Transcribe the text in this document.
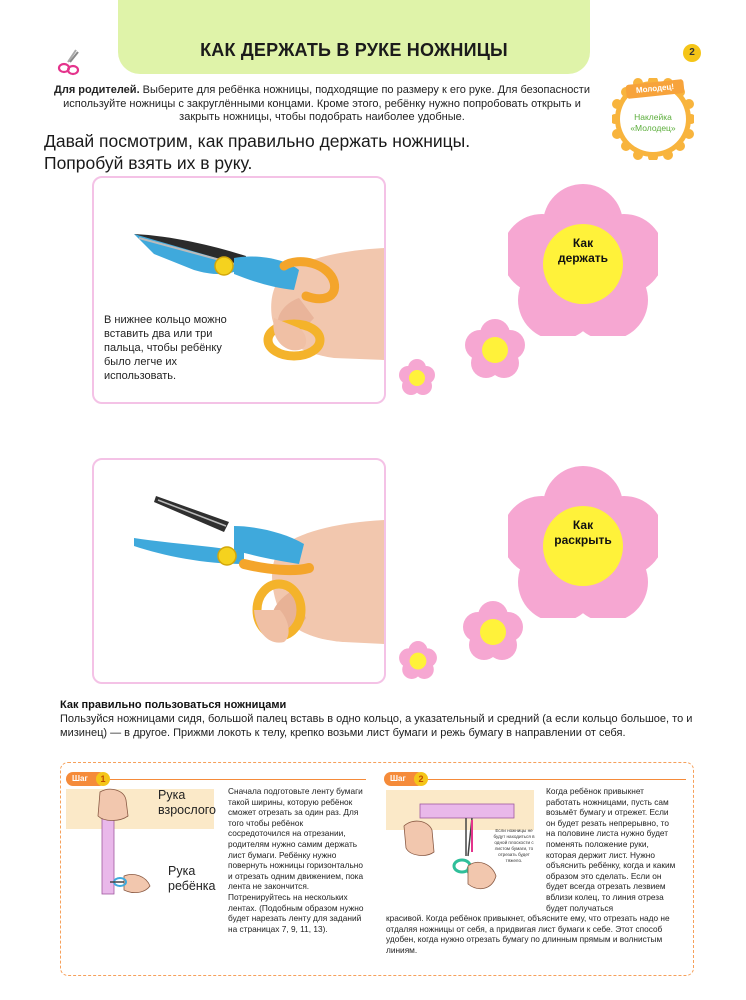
КАК ДЕРЖАТЬ В РУКЕ НОЖНИЦЫ	2
Для родителей. Выберите для ребёнка ножницы, подходящие по размеру к его руке. Для безопасности используйте ножницы с закруглёнными концами. Кроме этого, ребёнку нужно попробовать открыть и закрыть ножницы, чтобы подобрать наиболее удобные.
Молодец!
Наклейка
«Молодец»
Давай посмотрим, как правильно держать ножницы.
Попробуй взять их в руку.
В нижнее кольцо можно вставить два или три пальца, чтобы ребёнку было легче их использовать.
Как
держать
Как
раскрыть
Как правильно пользоваться ножницами
Пользуйся ножницами сидя, большой палец вставь в одно кольцо, а указательный и средний (а если кольцо большое, то и мизинец) — в другое. Прижми локоть к телу, крепко возьми лист бумаги и режь бумагу в направлении от себя.
Шаг	1
Рука
взрослого
Рука
ребёнка
Сначала подготовьте ленту бумаги такой ширины, которую ребёнок сможет отрезать за один раз. Для того чтобы ребёнок сосредоточился на отрезании, родителям нужно самим держать лист бумаги. Ребёнку нужно повернуть ножницы горизонтально и отрезать одним движением, пока лента не закончится. Потренируйтесь на нескольких лентах. (Подобным образом нужно будет нарезать ленту для заданий на страницах 7, 9, 11, 13).
Шаг	2
Если ножницы не будут находиться в одной плоскости с листом бумаги, то отрезать будет тяжело.
Когда ребёнок привыкнет работать ножницами, пусть сам возьмёт бумагу и отрежет. Если он будет резать непрерывно, то на половине листа нужно будет поменять положение руки, которая держит лист. Нужно объяснить ребёнку, когда и каким образом это сделать. Если он будет всегда отрезать лезвием вблизи колец, то линия отреза будет получаться
красивой. Когда ребёнок привыкнет, объясните ему, что отрезать надо не отдаляя ножницы от себя, а придвигая лист бумаги к себе. Этот способ удобен, когда нужно отрезать бумагу по длинным прямым и волнистым линиям.
